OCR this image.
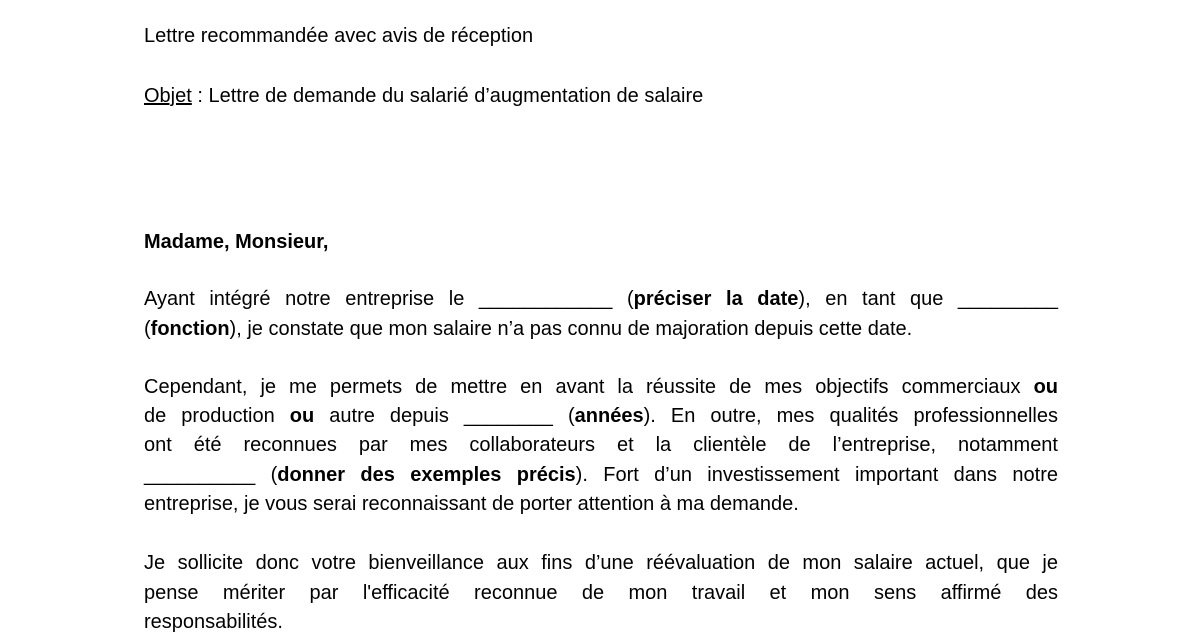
Lettre recommandée avec avis de réception
Objet : Lettre de demande du salarié d’augmentation de salaire
Madame, Monsieur,
Ayant intégré notre entreprise le ____________ (préciser la date), en tant que _________
(fonction), je constate que mon salaire n’a pas connu de majoration depuis cette date.
Cependant, je me permets de mettre en avant la réussite de mes objectifs commerciaux ou
de production ou autre depuis ________ (années). En outre, mes qualités professionnelles
ont été reconnues par mes collaborateurs et la clientèle de l’entreprise, notamment
__________ (donner des exemples précis). Fort d’un investissement important dans notre
entreprise, je vous serai reconnaissant de porter attention à ma demande.
Je sollicite donc votre bienveillance aux fins d’une réévaluation de mon salaire actuel, que je
pense mériter par l'efficacité reconnue de mon travail et mon sens affirmé des
responsabilités.
